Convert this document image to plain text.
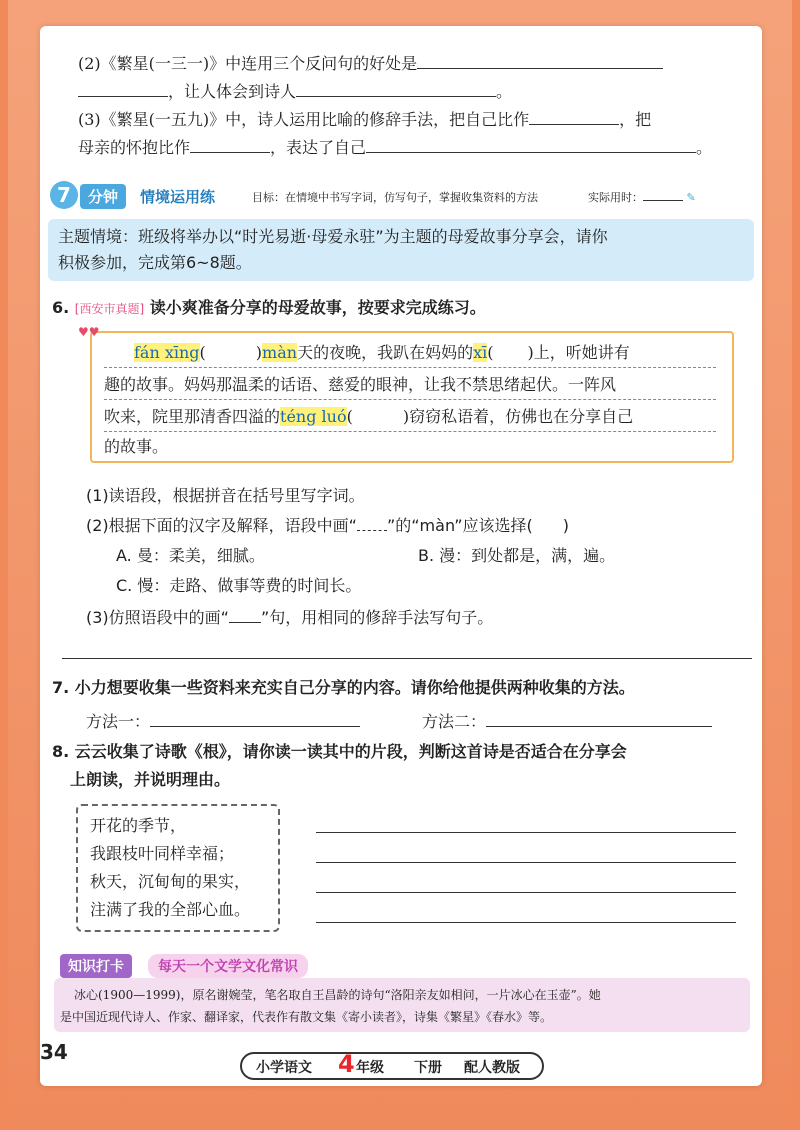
(2)《繁星(一三一)》中连用三个反问句的好处是
，让人体会到诗人	。
(3)《繁星(一五九)》中，诗人运用比喻的修辞手法，把自己比作	，把
母亲的怀抱比作	，表达了自己	。
7	分钟	情境运用练	目标：在情境中书写字词，仿写句子，掌握收集资料的方法	实际用时：	✎
主题情境：班级将举办以“时光易逝·母爱永驻”为主题的母爱故事分享会，请你
积极参加，完成第6~8题。
6. [西安市真题] 读小爽准备分享的母爱故事，按要求完成练习。
♥♥
fán xīng(	)màn天的夜晚，我趴在妈妈的xī( )上，听她讲有
趣的故事。妈妈那温柔的话语、慈爱的眼神，让我不禁思绪起伏。一阵风
吹来，院里那清香四溢的téng luó(	)窃窃私语着，仿佛也在分享自己
的故事。
(1)读语段，根据拼音在括号里写字词。
(2)根据下面的汉字及解释，语段中画“ ”的“màn”应该选择( )
A. 曼：柔美，细腻。	B. 漫：到处都是，满，遍。
C. 慢：走路、做事等费的时间长。
(3)仿照语段中的画“ ”句，用相同的修辞手法写句子。
7. 小力想要收集一些资料来充实自己分享的内容。请你给他提供两种收集的方法。
方法一：	方法二：
8. 云云收集了诗歌《根》，请你读一读其中的片段，判断这首诗是否适合在分享会
上朗读，并说明理由。
开花的季节，
我跟枝叶同样幸福；
秋天，沉甸甸的果实，
注满了我的全部心血。
知识打卡	每天一个文学文化常识
冰心(1900—1999)，原名谢婉莹，笔名取自王昌龄的诗句“洛阳亲友如相问，一片冰心在玉壶”。她
是中国近现代诗人、作家、翻译家，代表作有散文集《寄小读者》，诗集《繁星》《春水》等。
34
小学语文 4 年级 下册 配人教版
